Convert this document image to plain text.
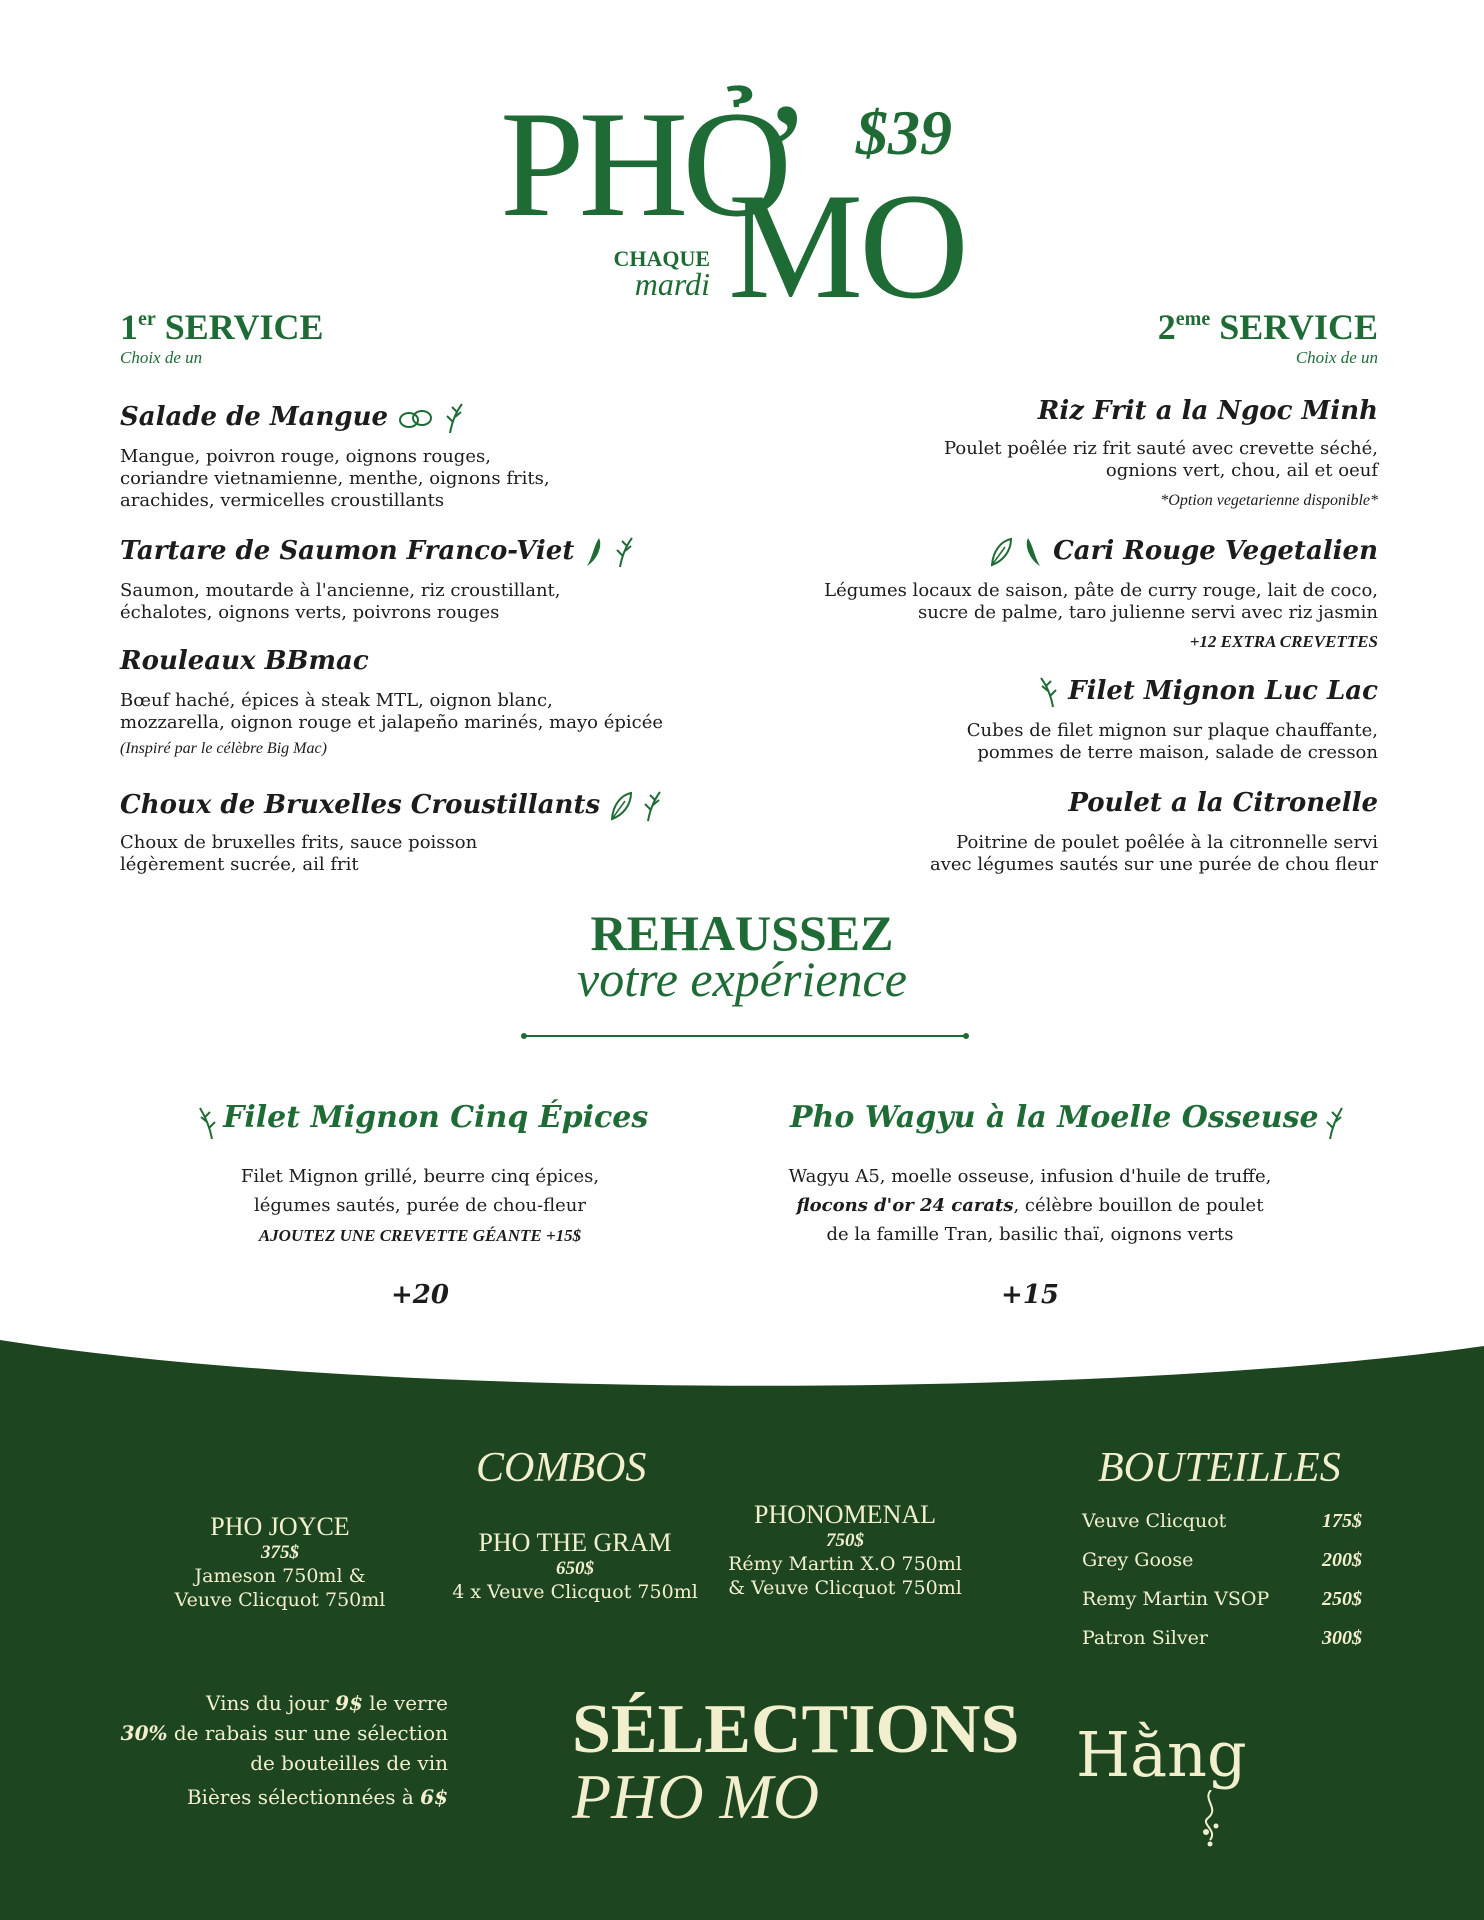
PHỞ
MO
$39
CHAQUE
mardi
1er SERVICE
Choix de un
Salade de Mangue
Mangue, poivron rouge, oignons rouges,
coriandre vietnamienne, menthe, oignons frits,
arachides, vermicelles croustillants
Tartare de Saumon Franco-Viet
Saumon, moutarde à l'ancienne, riz croustillant,
échalotes, oignons verts, poivrons rouges
Rouleaux BBmac
Bœuf haché, épices à steak MTL, oignon blanc,
mozzarella, oignon rouge et jalapeño marinés, mayo épicée
(Inspiré par le célèbre Big Mac)
Choux de Bruxelles Croustillants
Choux de bruxelles frits, sauce poisson
légèrement sucrée, ail frit
2eme SERVICE
Choix de un
Riz Frit a la Ngoc Minh
Poulet poêlée riz frit sauté avec crevette séché,
ognions vert, chou, ail et oeuf
*Option vegetarienne disponible*
Cari Rouge Vegetalien
Légumes locaux de saison, pâte de curry rouge, lait de coco,
sucre de palme, taro julienne servi avec riz jasmin
+12 EXTRA CREVETTES
Filet Mignon Luc Lac
Cubes de filet mignon sur plaque chauffante,
pommes de terre maison, salade de cresson
Poulet a la Citronelle
Poitrine de poulet poêlée à la citronnelle servi
avec légumes sautés sur une purée de chou fleur
REHAUSSEZ
votre expérience
Filet Mignon Cinq Épices
Filet Mignon grillé, beurre cinq épices,
légumes sautés, purée de chou-fleur
AJOUTEZ UNE CREVETTE GÉANTE +15$
+20
Pho Wagyu à la Moelle Osseuse
Wagyu A5, moelle osseuse, infusion d'huile de truffe,
flocons d'or 24 carats, célèbre bouillon de poulet
de la famille Tran, basilic thaï, oignons verts
+15
COMBOS
PHO JOYCE
375$
Jameson 750ml &
Veuve Clicquot 750ml
PHO THE GRAM
650$
4 x Veuve Clicquot 750ml
PHONOMENAL
750$
Rémy Martin X.O 750ml
& Veuve Clicquot 750ml
BOUTEILLES
Veuve Clicquot	175$
Grey Goose	200$
Remy Martin VSOP	250$
Patron Silver	300$
Vins du jour 9$ le verre
30% de rabais sur une sélection
de bouteilles de vin
Bières sélectionnées à 6$
SÉLECTIONS
PHO MO
Hằng
